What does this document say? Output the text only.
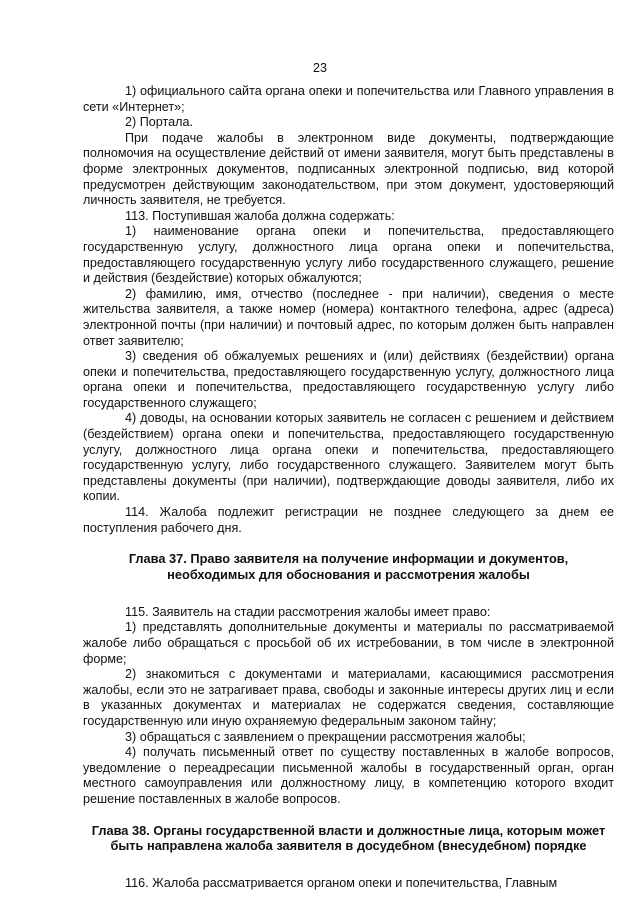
23

1) официального сайта органа опеки и попечительства или Главного управления в сети «Интернет»;

2) Портала.

При подаче жалобы в электронном виде документы, подтверждающие полномочия на осуществление действий от имени заявителя, могут быть представлены в форме электронных документов, подписанных электронной подписью, вид которой предусмотрен действующим законодательством, при этом документ, удостоверяющий личность заявителя, не требуется.

113. Поступившая жалоба должна содержать:

1) наименование органа опеки и попечительства, предоставляющего государственную услугу, должностного лица органа опеки и попечительства, предоставляющего государственную услугу либо государственного служащего, решение и действия (бездействие) которых обжалуются;

2) фамилию, имя, отчество (последнее - при наличии), сведения о месте жительства заявителя, а также номер (номера) контактного телефона, адрес (адреса) электронной почты (при наличии) и почтовый адрес, по которым должен быть направлен ответ заявителю;

3) сведения об обжалуемых решениях и (или) действиях (бездействии) органа опеки и попечительства, предоставляющего государственную услугу, должностного лица органа опеки и попечительства, предоставляющего государственную услугу либо государственного служащего;

4) доводы, на основании которых заявитель не согласен с решением и действием (бездействием) органа опеки и попечительства, предоставляющего государственную услугу, должностного лица органа опеки и попечительства, предоставляющего государственную услугу, либо государственного служащего. Заявителем могут быть представлены документы (при наличии), подтверждающие доводы заявителя, либо их копии.

114. Жалоба подлежит регистрации не позднее следующего за днем ее поступления рабочего дня.

Глава 37. Право заявителя на получение информации и документов,

необходимых для обоснования и рассмотрения жалобы

115. Заявитель на стадии рассмотрения жалобы имеет право:

1) представлять дополнительные документы и материалы по рассматриваемой жалобе либо обращаться с просьбой об их истребовании, в том числе в электронной форме;

2) знакомиться с документами и материалами, касающимися рассмотрения жалобы, если это не затрагивает права, свободы и законные интересы других лиц и если в указанных документах и материалах не содержатся сведения, составляющие государственную или иную охраняемую федеральным законом тайну;

3) обращаться с заявлением о прекращении рассмотрения жалобы;

4) получать письменный ответ по существу поставленных в жалобе вопросов, уведомление о переадресации письменной жалобы в государственный орган, орган местного самоуправления или должностному лицу, в компетенцию которого входит решение поставленных в жалобе вопросов.

Глава 38. Органы государственной власти и должностные лица, которым может

быть направлена жалоба заявителя в досудебном (внесудебном) порядке

116. Жалоба рассматривается органом опеки и попечительства, Главным
